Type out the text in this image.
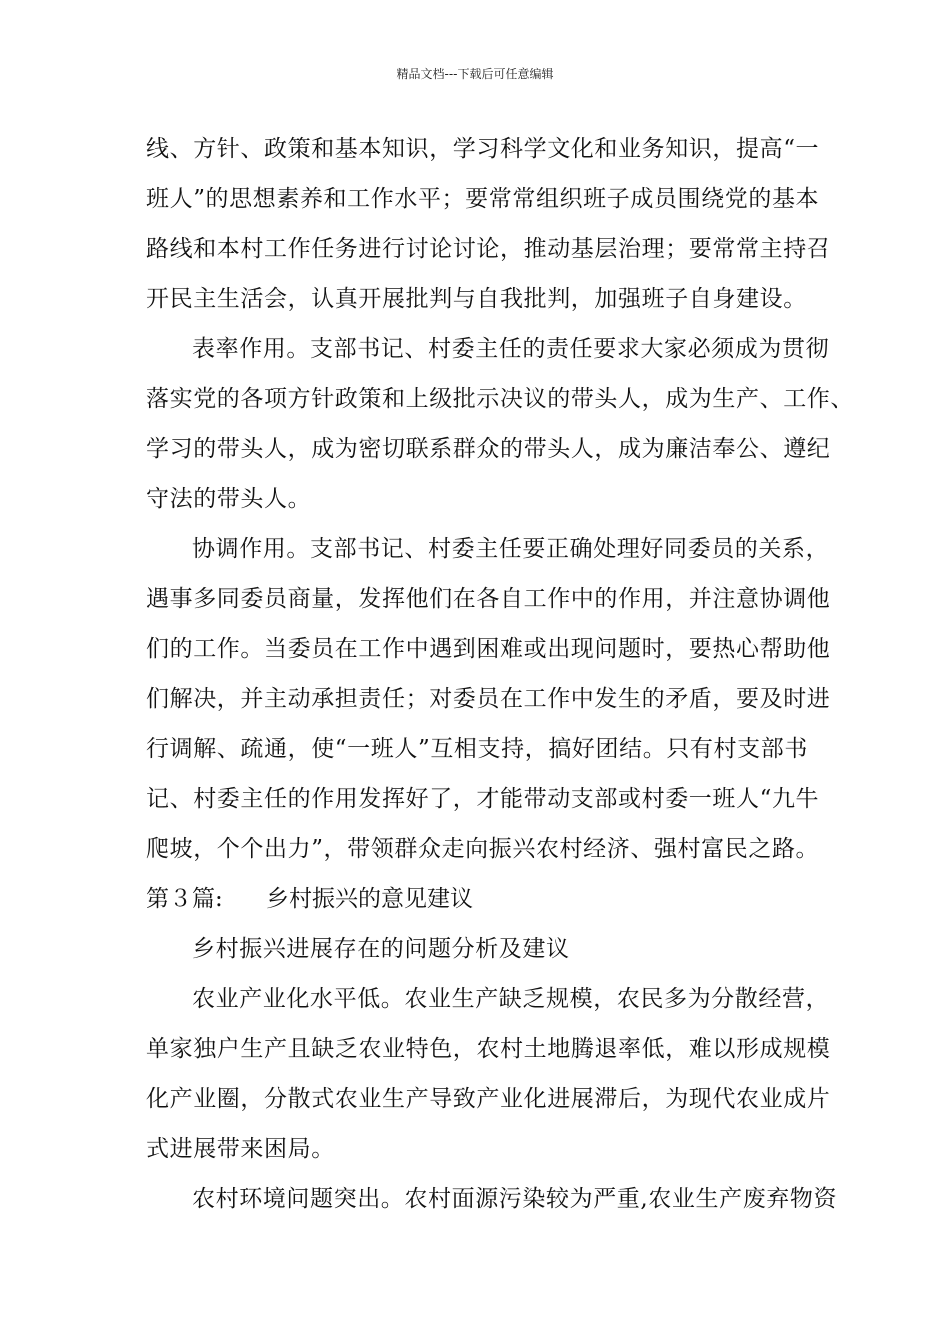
精品文档---下载后可任意编辑
线、方针、政策和基本知识，学习科学文化和业务知识，提高“一
班人”的思想素养和工作水平；要常常组织班子成员围绕党的基本
路线和本村工作任务进行讨论讨论，推动基层治理；要常常主持召
开民主生活会，认真开展批判与自我批判，加强班子自身建设。
表率作用。支部书记、村委主任的责任要求大家必须成为贯彻
落实党的各项方针政策和上级批示决议的带头人，成为生产、工作、
学习的带头人，成为密切联系群众的带头人，成为廉洁奉公、遵纪
守法的带头人。
协调作用。支部书记、村委主任要正确处理好同委员的关系，
遇事多同委员商量，发挥他们在各自工作中的作用，并注意协调他
们的工作。当委员在工作中遇到困难或出现问题时，要热心帮助他
们解决，并主动承担责任；对委员在工作中发生的矛盾，要及时进
行调解、疏通，使“一班人”互相支持，搞好团结。只有村支部书
记、村委主任的作用发挥好了，才能带动支部或村委一班人“九牛
爬坡，个个出力”，带领群众走向振兴农村经济、强村富民之路。
第３篇: 乡村振兴的意见建议
乡村振兴进展存在的问题分析及建议
农业产业化水平低。农业生产缺乏规模，农民多为分散经营，
单家独户生产且缺乏农业特色，农村土地腾退率低，难以形成规模
化产业圈，分散式农业生产导致产业化进展滞后，为现代农业成片
式进展带来困局。
农村环境问题突出。农村面源污染较为严重,农业生产废弃物资
